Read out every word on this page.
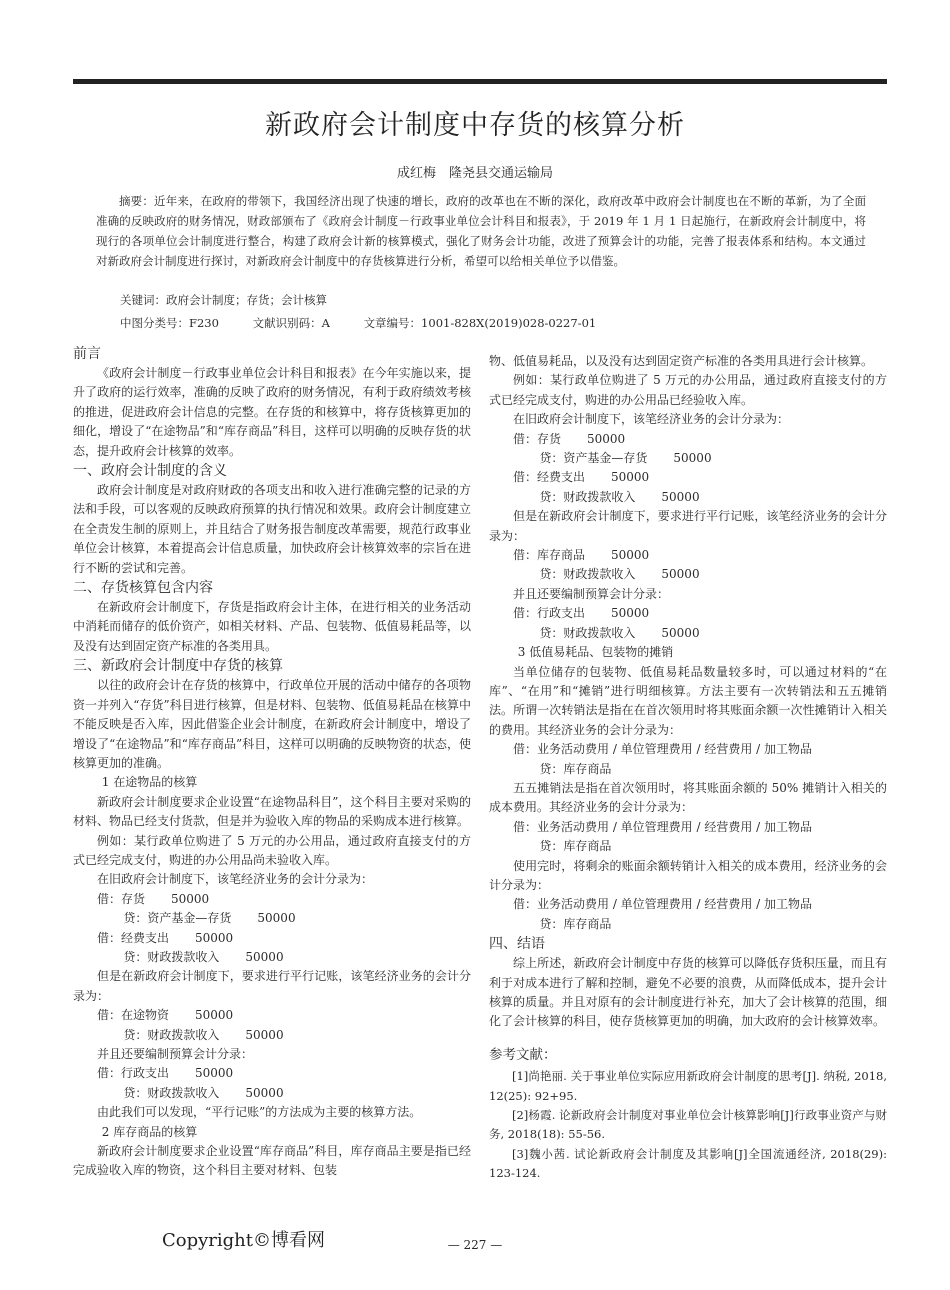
新政府会计制度中存货的核算分析
成红梅　隆尧县交通运输局

摘要：近年来，在政府的带领下，我国经济出现了快速的增长，政府的改革也在不断的深化，政府改革中政府会计制度也在不断的革新，为了全面准确的反映政府的财务情况，财政部颁布了《政府会计制度－行政事业单位会计科目和报表》，于 2019 年 1 月 1 日起施行，在新政府会计制度中，将现行的各项单位会计制度进行整合，构建了政府会计新的核算模式，强化了财务会计功能，改进了预算会计的功能，完善了报表体系和结构。本文通过对新政府会计制度进行探讨，对新政府会计制度中的存货核算进行分析，希望可以给相关单位予以借鉴。

关键词：政府会计制度；存货；会计核算
中图分类号：F230	文献识别码：A	文章编号：1001-828X(2019)028-0227-01
前言

《政府会计制度－行政事业单位会计科目和报表》在今年实施以来，提升了政府的运行效率，准确的反映了政府的财务情况，有利于政府绩效考核的推进，促进政府会计信息的完整。在存货的和核算中，将存货核算更加的细化，增设了“在途物品”和“库存商品”科目，这样可以明确的反映存货的状态，提升政府会计核算的效率。

一、政府会计制度的含义

政府会计制度是对政府财政的各项支出和收入进行准确完整的记录的方法和手段，可以客观的反映政府预算的执行情况和效果。政府会计制度建立在全责发生制的原则上，并且结合了财务报告制度改革需要，规范行政事业单位会计核算，本着提高会计信息质量，加快政府会计核算效率的宗旨在进行不断的尝试和完善。

二、存货核算包含内容

在新政府会计制度下，存货是指政府会计主体，在进行相关的业务活动中消耗而储存的低价资产，如相关材料、产品、包装物、低值易耗品等，以及没有达到固定资产标准的各类用具。

三、新政府会计制度中存货的核算

以往的政府会计在存货的核算中，行政单位开展的活动中储存的各项物资一并列入“存货”科目进行核算，但是材料、包装物、低值易耗品在核算中不能反映是否入库，因此借鉴企业会计制度，在新政府会计制度中，增设了增设了“在途物品”和“库存商品”科目，这样可以明确的反映物资的状态，使核算更加的准确。

1 在途物品的核算

新政府会计制度要求企业设置“在途物品科目”，这个科目主要对采购的材料、物品已经支付货款，但是并为验收入库的物品的采购成本进行核算。

例如：某行政单位购进了 5 万元的办公用品，通过政府直接支付的方式已经完成支付，购进的办公用品尚未验收入库。

在旧政府会计制度下，该笔经济业务的会计分录为：

借：存货 50000

贷：资产基金—存货 50000

借：经费支出 50000

贷：财政拨款收入 50000

但是在新政府会计制度下，要求进行平行记账，该笔经济业务的会计分录为：

借：在途物资 50000

贷：财政拨款收入 50000

并且还要编制预算会计分录：

借：行政支出 50000

贷：财政拨款收入 50000

由此我们可以发现，“平行记账”的方法成为主要的核算方法。

2 库存商品的核算

新政府会计制度要求企业设置“库存商品”科目，库存商品主要是指已经完成验收入库的物资，这个科目主要对材料、包装

物、低值易耗品，以及没有达到固定资产标准的各类用具进行会计核算。

例如：某行政单位购进了 5 万元的办公用品，通过政府直接支付的方式已经完成支付，购进的办公用品已经验收入库。

在旧政府会计制度下，该笔经济业务的会计分录为：

借：存货 50000

贷：资产基金—存货 50000

借：经费支出 50000

贷：财政拨款收入 50000

但是在新政府会计制度下，要求进行平行记账，该笔经济业务的会计分录为：

借：库存商品 50000

贷：财政拨款收入 50000

并且还要编制预算会计分录：

借：行政支出 50000

贷：财政拨款收入 50000

3 低值易耗品、包装物的摊销

当单位储存的包装物、低值易耗品数量较多时，可以通过材料的“在库”、“在用”和“摊销”进行明细核算。方法主要有一次转销法和五五摊销法。所谓一次转销法是指在在首次领用时将其账面余额一次性摊销计入相关的费用。其经济业务的会计分录为：

借：业务活动费用 / 单位管理费用 / 经营费用 / 加工物品

贷：库存商品

五五摊销法是指在首次领用时，将其账面余额的 50% 摊销计入相关的成本费用。其经济业务的会计分录为：

借：业务活动费用 / 单位管理费用 / 经营费用 / 加工物品

贷：库存商品

使用完时，将剩余的账面余额转销计入相关的成本费用，经济业务的会计分录为：

借：业务活动费用 / 单位管理费用 / 经营费用 / 加工物品

贷：库存商品

四、结语

综上所述，新政府会计制度中存货的核算可以降低存货积压量，而且有利于对成本进行了解和控制，避免不必要的浪费，从而降低成本，提升会计核算的质量。并且对原有的会计制度进行补充，加大了会计核算的范围，细化了会计核算的科目，使存货核算更加的明确，加大政府的会计核算效率。

参考文献：

[1]尚艳丽. 关于事业单位实际应用新政府会计制度的思考[J]. 纳税, 2018, 12(25): 92+95.

[2]杨霞. 论新政府会计制度对事业单位会计核算影响[J]行政事业资产与财务, 2018(18): 55-56.

[3]魏小茜. 试论新政府会计制度及其影响[J]全国流通经济, 2018(29): 123-124.

Copyright©博看网	— 227 —
